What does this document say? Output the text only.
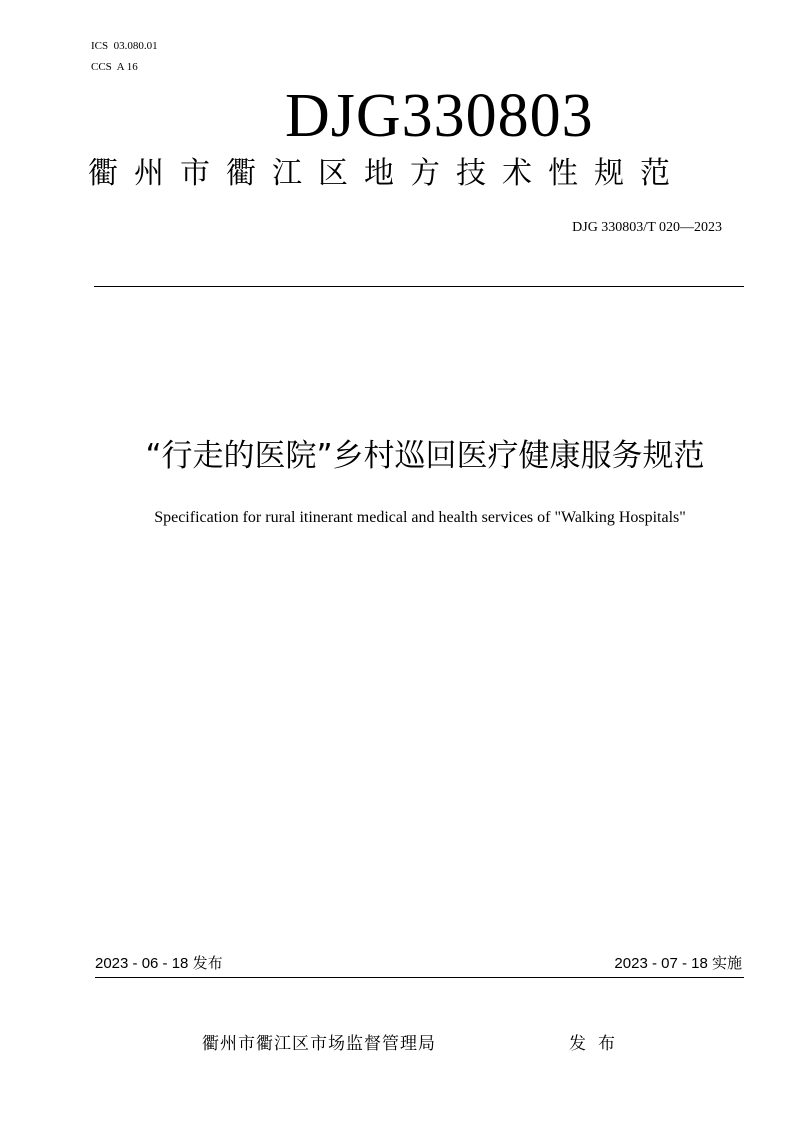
ICS  03.080.01
CCS  A 16
DJG330803
衢州市衢江区地方技术性规范
DJG 330803/T 020—2023
“行走的医院”乡村巡回医疗健康服务规范
Specification for rural itinerant medical and health services of "Walking Hospitals"
2023 - 06 - 18 发布	2023 - 07 - 18 实施
衢州市衢江区市场监督管理局	发布
